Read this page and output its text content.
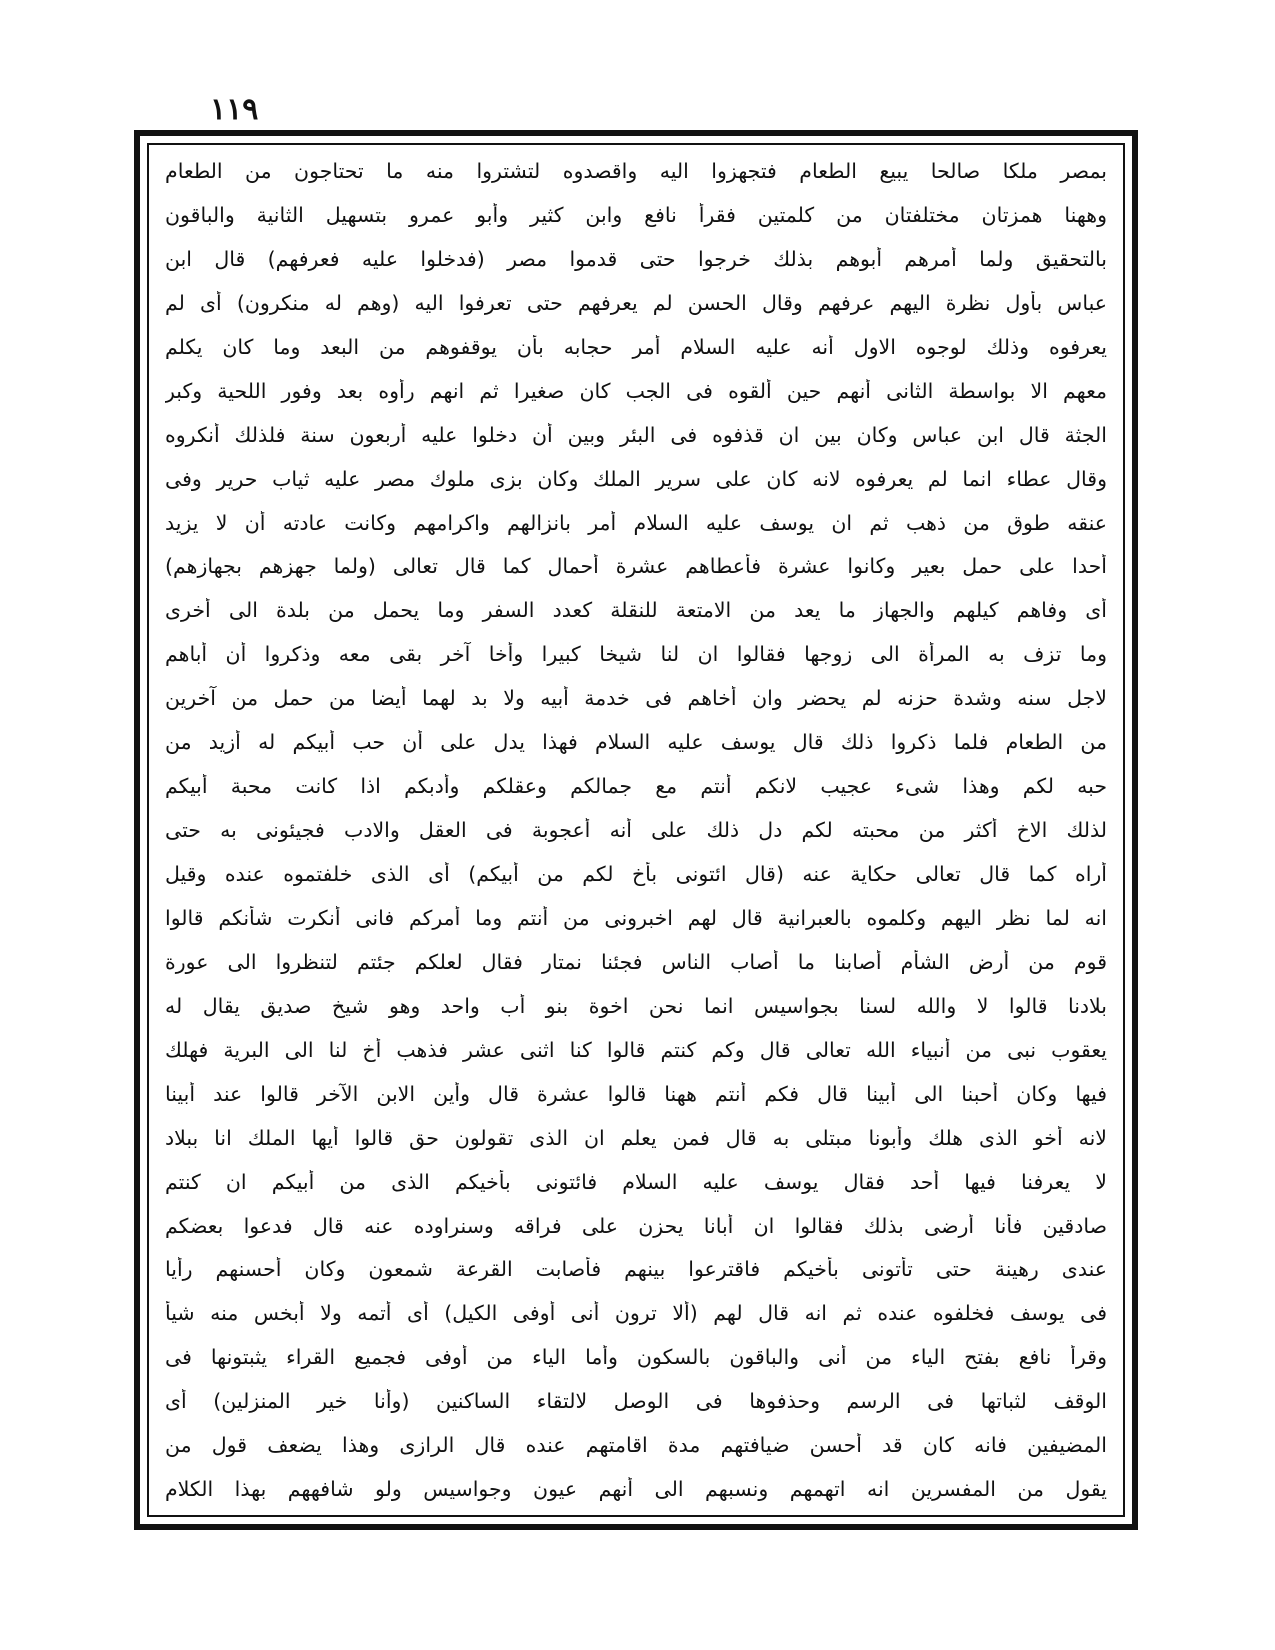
١١٩
بمصر ملكا صالحا يبيع الطعام فتجهزوا اليه واقصدوه لتشتروا منه ما تحتاجون من الطعام
وههنا همزتان مختلفتان من كلمتين فقرأ نافع وابن كثير وأبو عمرو بتسهيل الثانية والباقون
بالتحقيق ولما أمرهم أبوهم بذلك خرجوا حتى قدموا مصر (فدخلوا عليه فعرفهم) قال ابن
عباس بأول نظرة اليهم عرفهم وقال الحسن لم يعرفهم حتى تعرفوا اليه (وهم له منكرون) أى لم
يعرفوه وذلك لوجوه الاول أنه عليه السلام أمر حجابه بأن يوقفوهم من البعد وما كان يكلم
معهم الا بواسطة الثانى أنهم حين ألقوه فى الجب كان صغيرا ثم انهم رأوه بعد وفور اللحية وكبر
الجثة قال ابن عباس وكان بين ان قذفوه فى البئر وبين أن دخلوا عليه أربعون سنة فلذلك أنكروه
وقال عطاء انما لم يعرفوه لانه كان على سرير الملك وكان بزى ملوك مصر عليه ثياب حرير وفى
عنقه طوق من ذهب ثم ان يوسف عليه السلام أمر بانزالهم واكرامهم وكانت عادته أن لا يزيد
أحدا على حمل بعير وكانوا عشرة فأعطاهم عشرة أحمال كما قال تعالى (ولما جهزهم بجهازهم)
أى وفاهم كيلهم والجهاز ما يعد من الامتعة للنقلة كعدد السفر وما يحمل من بلدة الى أخرى
وما تزف به المرأة الى زوجها فقالوا ان لنا شيخا كبيرا وأخا آخر بقى معه وذكروا أن أباهم
لاجل سنه وشدة حزنه لم يحضر وان أخاهم فى خدمة أبيه ولا بد لهما أيضا من حمل من آخرين
من الطعام فلما ذكروا ذلك قال يوسف عليه السلام فهذا يدل على أن حب أبيكم له أزيد من
حبه لكم وهذا شىء عجيب لانكم أنتم مع جمالكم وعقلكم وأدبكم اذا كانت محبة أبيكم
لذلك الاخ أكثر من محبته لكم دل ذلك على أنه أعجوبة فى العقل والادب فجيئونى به حتى
أراه كما قال تعالى حكاية عنه (قال ائتونى بأخ لكم من أبيكم) أى الذى خلفتموه عنده وقيل
انه لما نظر اليهم وكلموه بالعبرانية قال لهم اخبرونى من أنتم وما أمركم فانى أنكرت شأنكم قالوا
قوم من أرض الشأم أصابنا ما أصاب الناس فجئنا نمتار فقال لعلكم جئتم لتنظروا الى عورة
بلادنا قالوا لا والله لسنا بجواسيس انما نحن اخوة بنو أب واحد وهو شيخ صديق يقال له
يعقوب نبى من أنبياء الله تعالى قال وكم كنتم قالوا كنا اثنى عشر فذهب أخ لنا الى البرية فهلك
فيها وكان أحبنا الى أبينا قال فكم أنتم ههنا قالوا عشرة قال وأين الابن الآخر قالوا عند أبينا
لانه أخو الذى هلك وأبونا مبتلى به قال فمن يعلم ان الذى تقولون حق قالوا أيها الملك انا ببلاد
لا يعرفنا فيها أحد فقال يوسف عليه السلام فائتونى بأخيكم الذى من أبيكم ان كنتم
صادقين فأنا أرضى بذلك فقالوا ان أبانا يحزن على فراقه وسنراوده عنه قال فدعوا بعضكم
عندى رهينة حتى تأتونى بأخيكم فاقترعوا بينهم فأصابت القرعة شمعون وكان أحسنهم رأيا
فى يوسف فخلفوه عنده ثم انه قال لهم (ألا ترون أنى أوفى الكيل) أى أتمه ولا أبخس منه شيأ
وقرأ نافع بفتح الياء من أنى والباقون بالسكون وأما الياء من أوفى فجميع القراء يثبتونها فى
الوقف لثباتها فى الرسم وحذفوها فى الوصل لالتقاء الساكنين (وأنا خير المنزلين) أى
المضيفين فانه كان قد أحسن ضيافتهم مدة اقامتهم عنده قال الرازى وهذا يضعف قول من
يقول من المفسرين انه اتهمهم ونسبهم الى أنهم عيون وجواسيس ولو شافههم بهذا الكلام
